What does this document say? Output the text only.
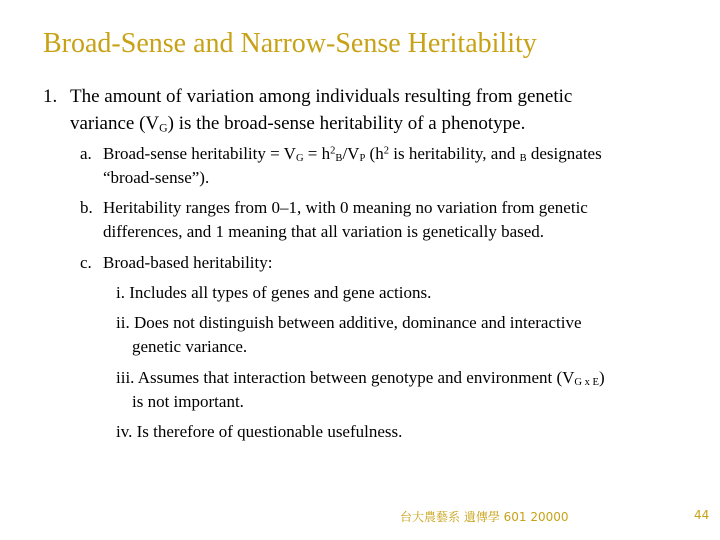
Broad-Sense and Narrow-Sense Heritability
1. The amount of variation among individuals resulting from genetic
variance $(V_G)$ is the broad-sense heritability of a phenotype.
a. Broad-sense heritability = $V_G = h^2_B/V_P$ ($h^2$ is heritability, and $_B$ designates
“broad-sense”).
b. Heritability ranges from 0–1, with 0 meaning no variation from genetic
differences, and 1 meaning that all variation is genetically based.
c. Broad-based heritability:
i. Includes all types of genes and gene actions.
ii. Does not distinguish between additive, dominance and interactive
genetic variance.
iii. Assumes that interaction between genotype and environment $(V_{G x E})$
is not important.
iv. Is therefore of questionable usefulness.
台大農藝系 遺傳學 601 20000	44
